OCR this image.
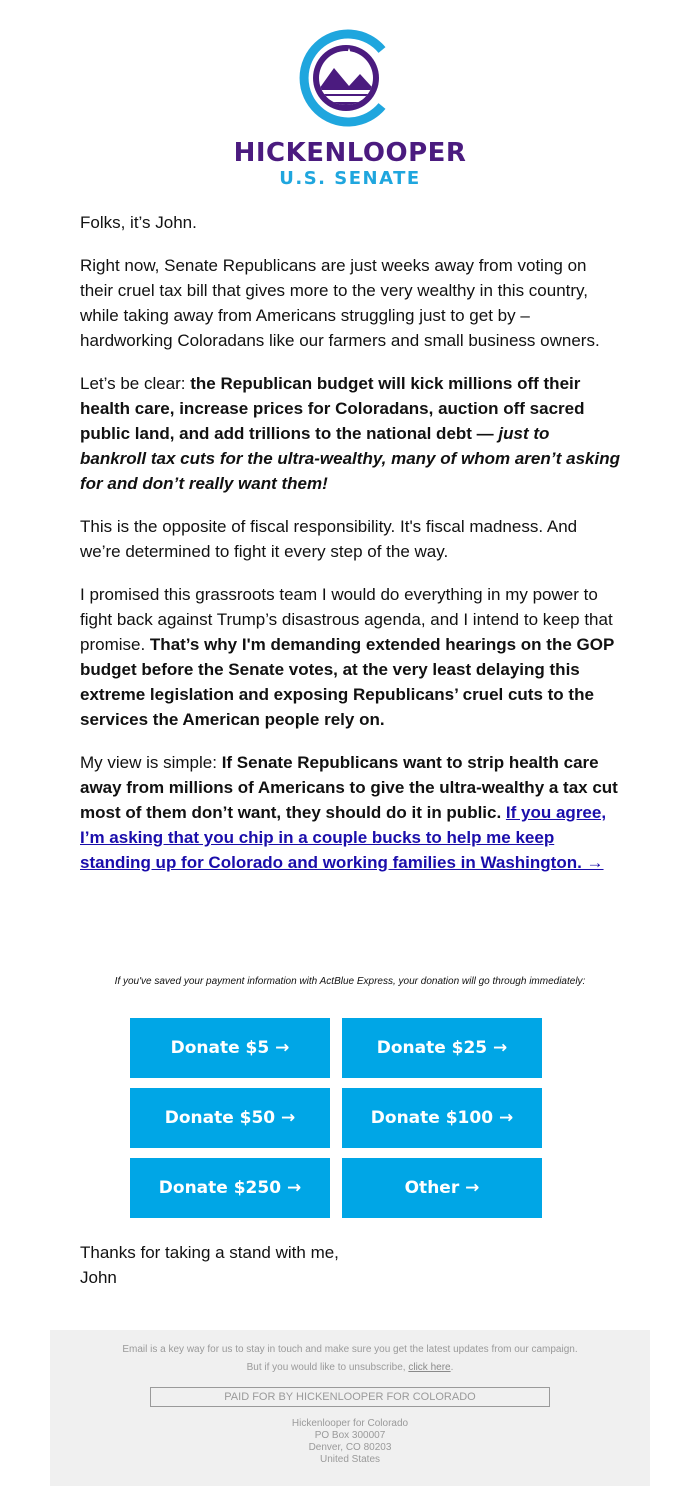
HICKENLOOPER
U.S. SENATE

Folks, it’s John.

Right now, Senate Republicans are just weeks away from voting on their cruel tax bill that gives more to the very wealthy in this country, while taking away from Americans struggling just to get by – hardworking Coloradans like our farmers and small business owners.

Let’s be clear: the Republican budget will kick millions off their health care, increase prices for Coloradans, auction off sacred public land, and add trillions to the national debt — just to bankroll tax cuts for the ultra-wealthy, many of whom aren’t asking for and don’t really want them!

This is the opposite of fiscal responsibility. It's fiscal madness. And we’re determined to fight it every step of the way.

I promised this grassroots team I would do everything in my power to fight back against Trump’s disastrous agenda, and I intend to keep that promise. That’s why I'm demanding extended hearings on the GOP budget before the Senate votes, at the very least delaying this extreme legislation and exposing Republicans’ cruel cuts to the services the American people rely on.

My view is simple: If Senate Republicans want to strip health care away from millions of Americans to give the ultra-wealthy a tax cut most of them don’t want, they should do it in public. If you agree, I’m asking that you chip in a couple bucks to help me keep standing up for Colorado and working families in Washington. →

If you've saved your payment information with ActBlue Express, your donation will go through immediately:
Donate $5 →	Donate $25 →
Donate $50 →	Donate $100 →
Donate $250 →	Other →
Thanks for taking a stand with me,
John
Email is a key way for us to stay in touch and make sure you get the latest updates from our campaign.
But if you would like to unsubscribe, click here.
PAID FOR BY HICKENLOOPER FOR COLORADO
Hickenlooper for Colorado
PO Box 300007
Denver, CO 80203
United States
